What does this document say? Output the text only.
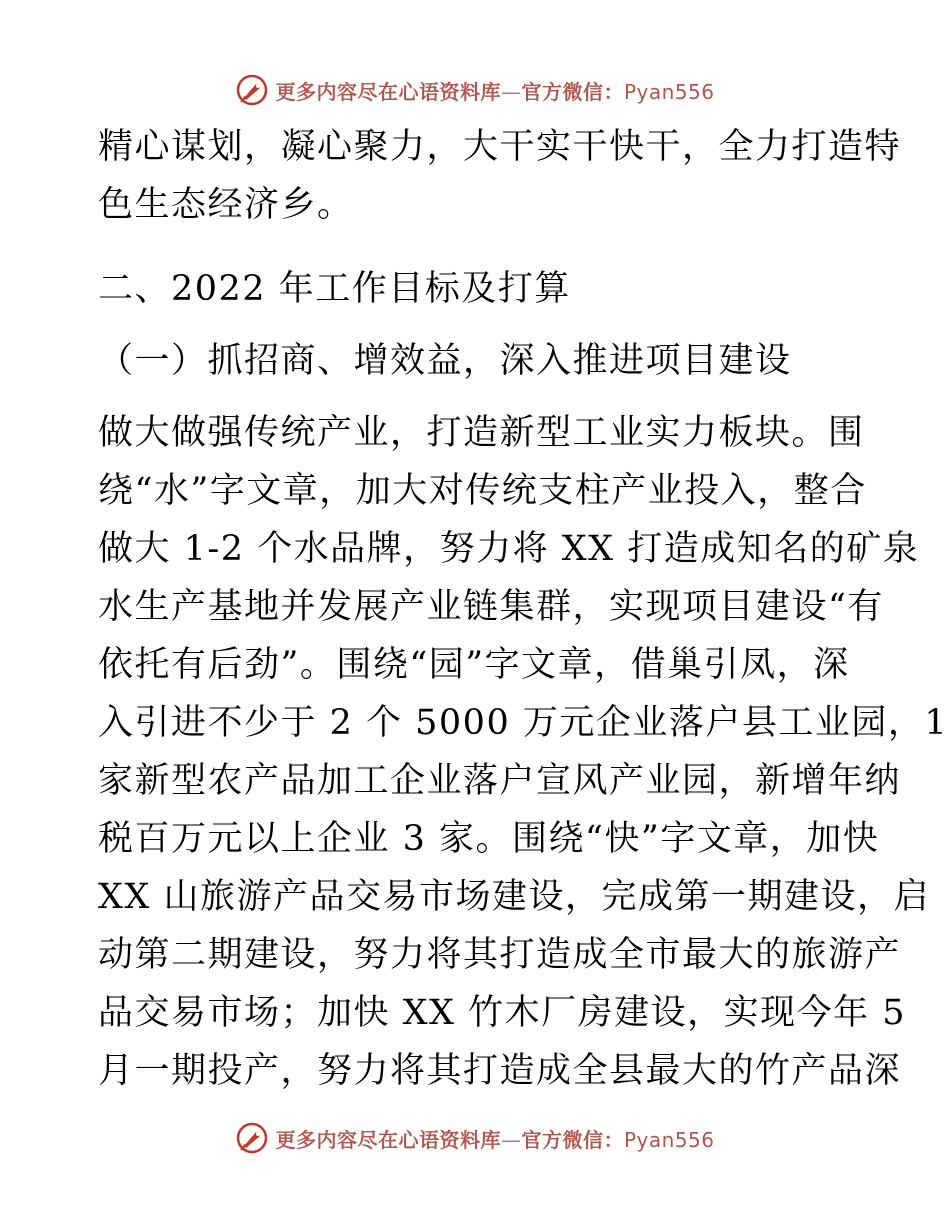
更多内容尽在心语资料库—官方微信：Pyan556
精心谋划，凝心聚力，大干实干快干，全力打造特
色生态经济乡。
二、2022 年工作目标及打算
（一）抓招商、增效益，深入推进项目建设
做大做强传统产业，打造新型工业实力板块。围
绕“水”字文章，加大对传统支柱产业投入，整合
做大 1-2 个水品牌，努力将 XX 打造成知名的矿泉
水生产基地并发展产业链集群，实现项目建设“有
依托有后劲”。围绕“园”字文章，借巢引凤，深
入引进不少于 2 个 5000 万元企业落户县工业园，1
家新型农产品加工企业落户宣风产业园，新增年纳
税百万元以上企业 3 家。围绕“快”字文章，加快
XX 山旅游产品交易市场建设，完成第一期建设，启
动第二期建设，努力将其打造成全市最大的旅游产
品交易市场；加快 XX 竹木厂房建设，实现今年 5
月一期投产，努力将其打造成全县最大的竹产品深
更多内容尽在心语资料库—官方微信：Pyan556
